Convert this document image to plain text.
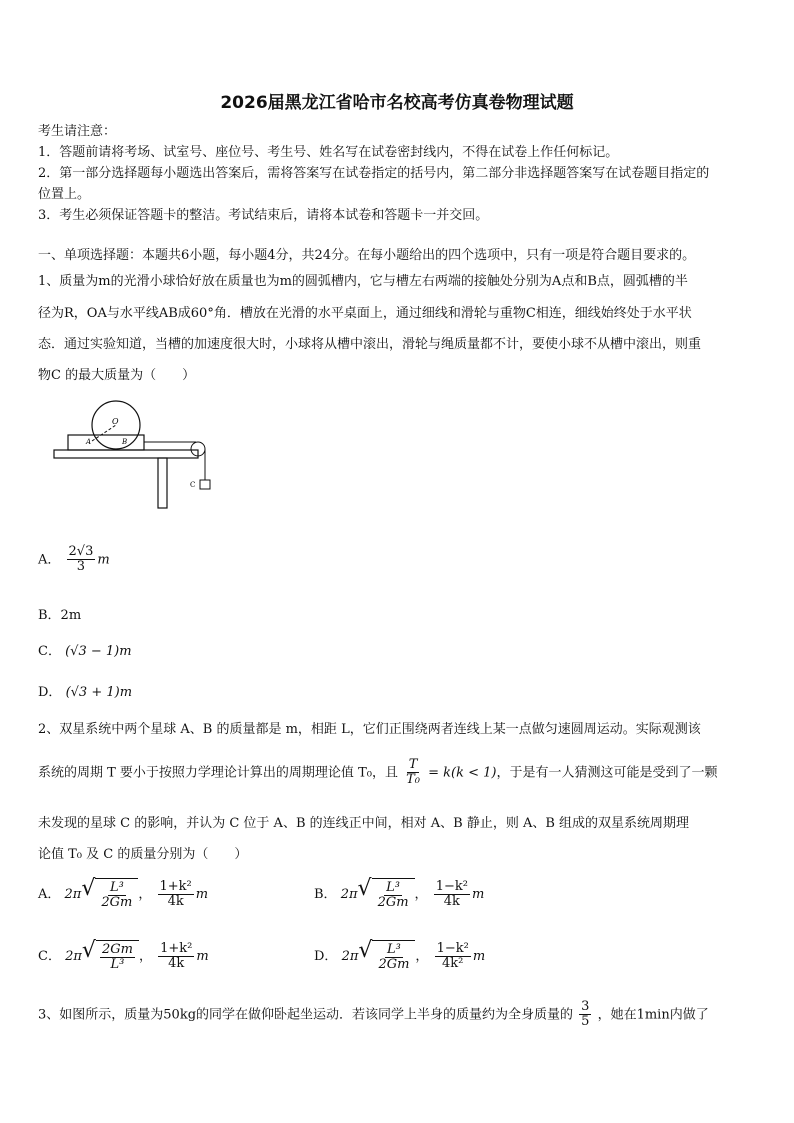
2026届黑龙江省哈市名校高考仿真卷物理试题
考生请注意：
1．答题前请将考场、试室号、座位号、考生号、姓名写在试卷密封线内，不得在试卷上作任何标记。
2．第一部分选择题每小题选出答案后，需将答案写在试卷指定的括号内，第二部分非选择题答案写在试卷题目指定的
位置上。
3．考生必须保证答题卡的整洁。考试结束后，请将本试卷和答题卡一并交回。
一、单项选择题：本题共6小题，每小题4分，共24分。在每小题给出的四个选项中，只有一项是符合题目要求的。
1、质量为m的光滑小球恰好放在质量也为m的圆弧槽内，它与槽左右两端的接触处分别为A点和B点，圆弧槽的半
径为R，OA与水平线AB成60°角．槽放在光滑的水平桌面上，通过细线和滑轮与重物C相连，细线始终处于水平状
态．通过实验知道，当槽的加速度很大时，小球将从槽中滚出，滑轮与绳质量都不计，要使小球不从槽中滚出，则重
物C 的最大质量为（　　）
O
A	B
C
A． $\frac{2√3}{3}$ m
B．2m
C． (√3 − 1)m
D． (√3 + 1)m
2、双星系统中两个星球 A、B 的质量都是 m，相距 L，它们正围绕两者连线上某一点做匀速圆周运动。实际观测该
系统的周期 T 要小于按照力学理论计算出的周期理论值 T₀，且 $\frac{T}{\text{T₀}} = k(k < 1)$，于是有一人猜测这可能是受到了一颗
未发现的星球 C 的影响，并认为 C 位于 A、B 的连线正中间，相对 A、B 静止，则 A、B 组成的双星系统周期理
论值 T₀ 及 C 的质量分别为（　　）
A． 2π √ $\frac{\text{L³}}{2Gm}$ ， $\frac{\text{1+k²}}{4k}$ m	B． 2π √ $\frac{\text{L³}}{2Gm}$ ， $\frac{\text{1−k²}}{4k}$ m
C． 2π √ $\frac{2Gm}{\text{L³}}$ ， $\frac{\text{1+k²}}{4k}$ m	D． 2π √ $\frac{\text{L³}}{2Gm}$ ， $\frac{\text{1−k²}}{\text{4k²}}$ m
3、如图所示，质量为50kg的同学在做仰卧起坐运动．若该同学上半身的质量约为全身质量的 $\frac{3}{5}$ ，她在1min内做了
